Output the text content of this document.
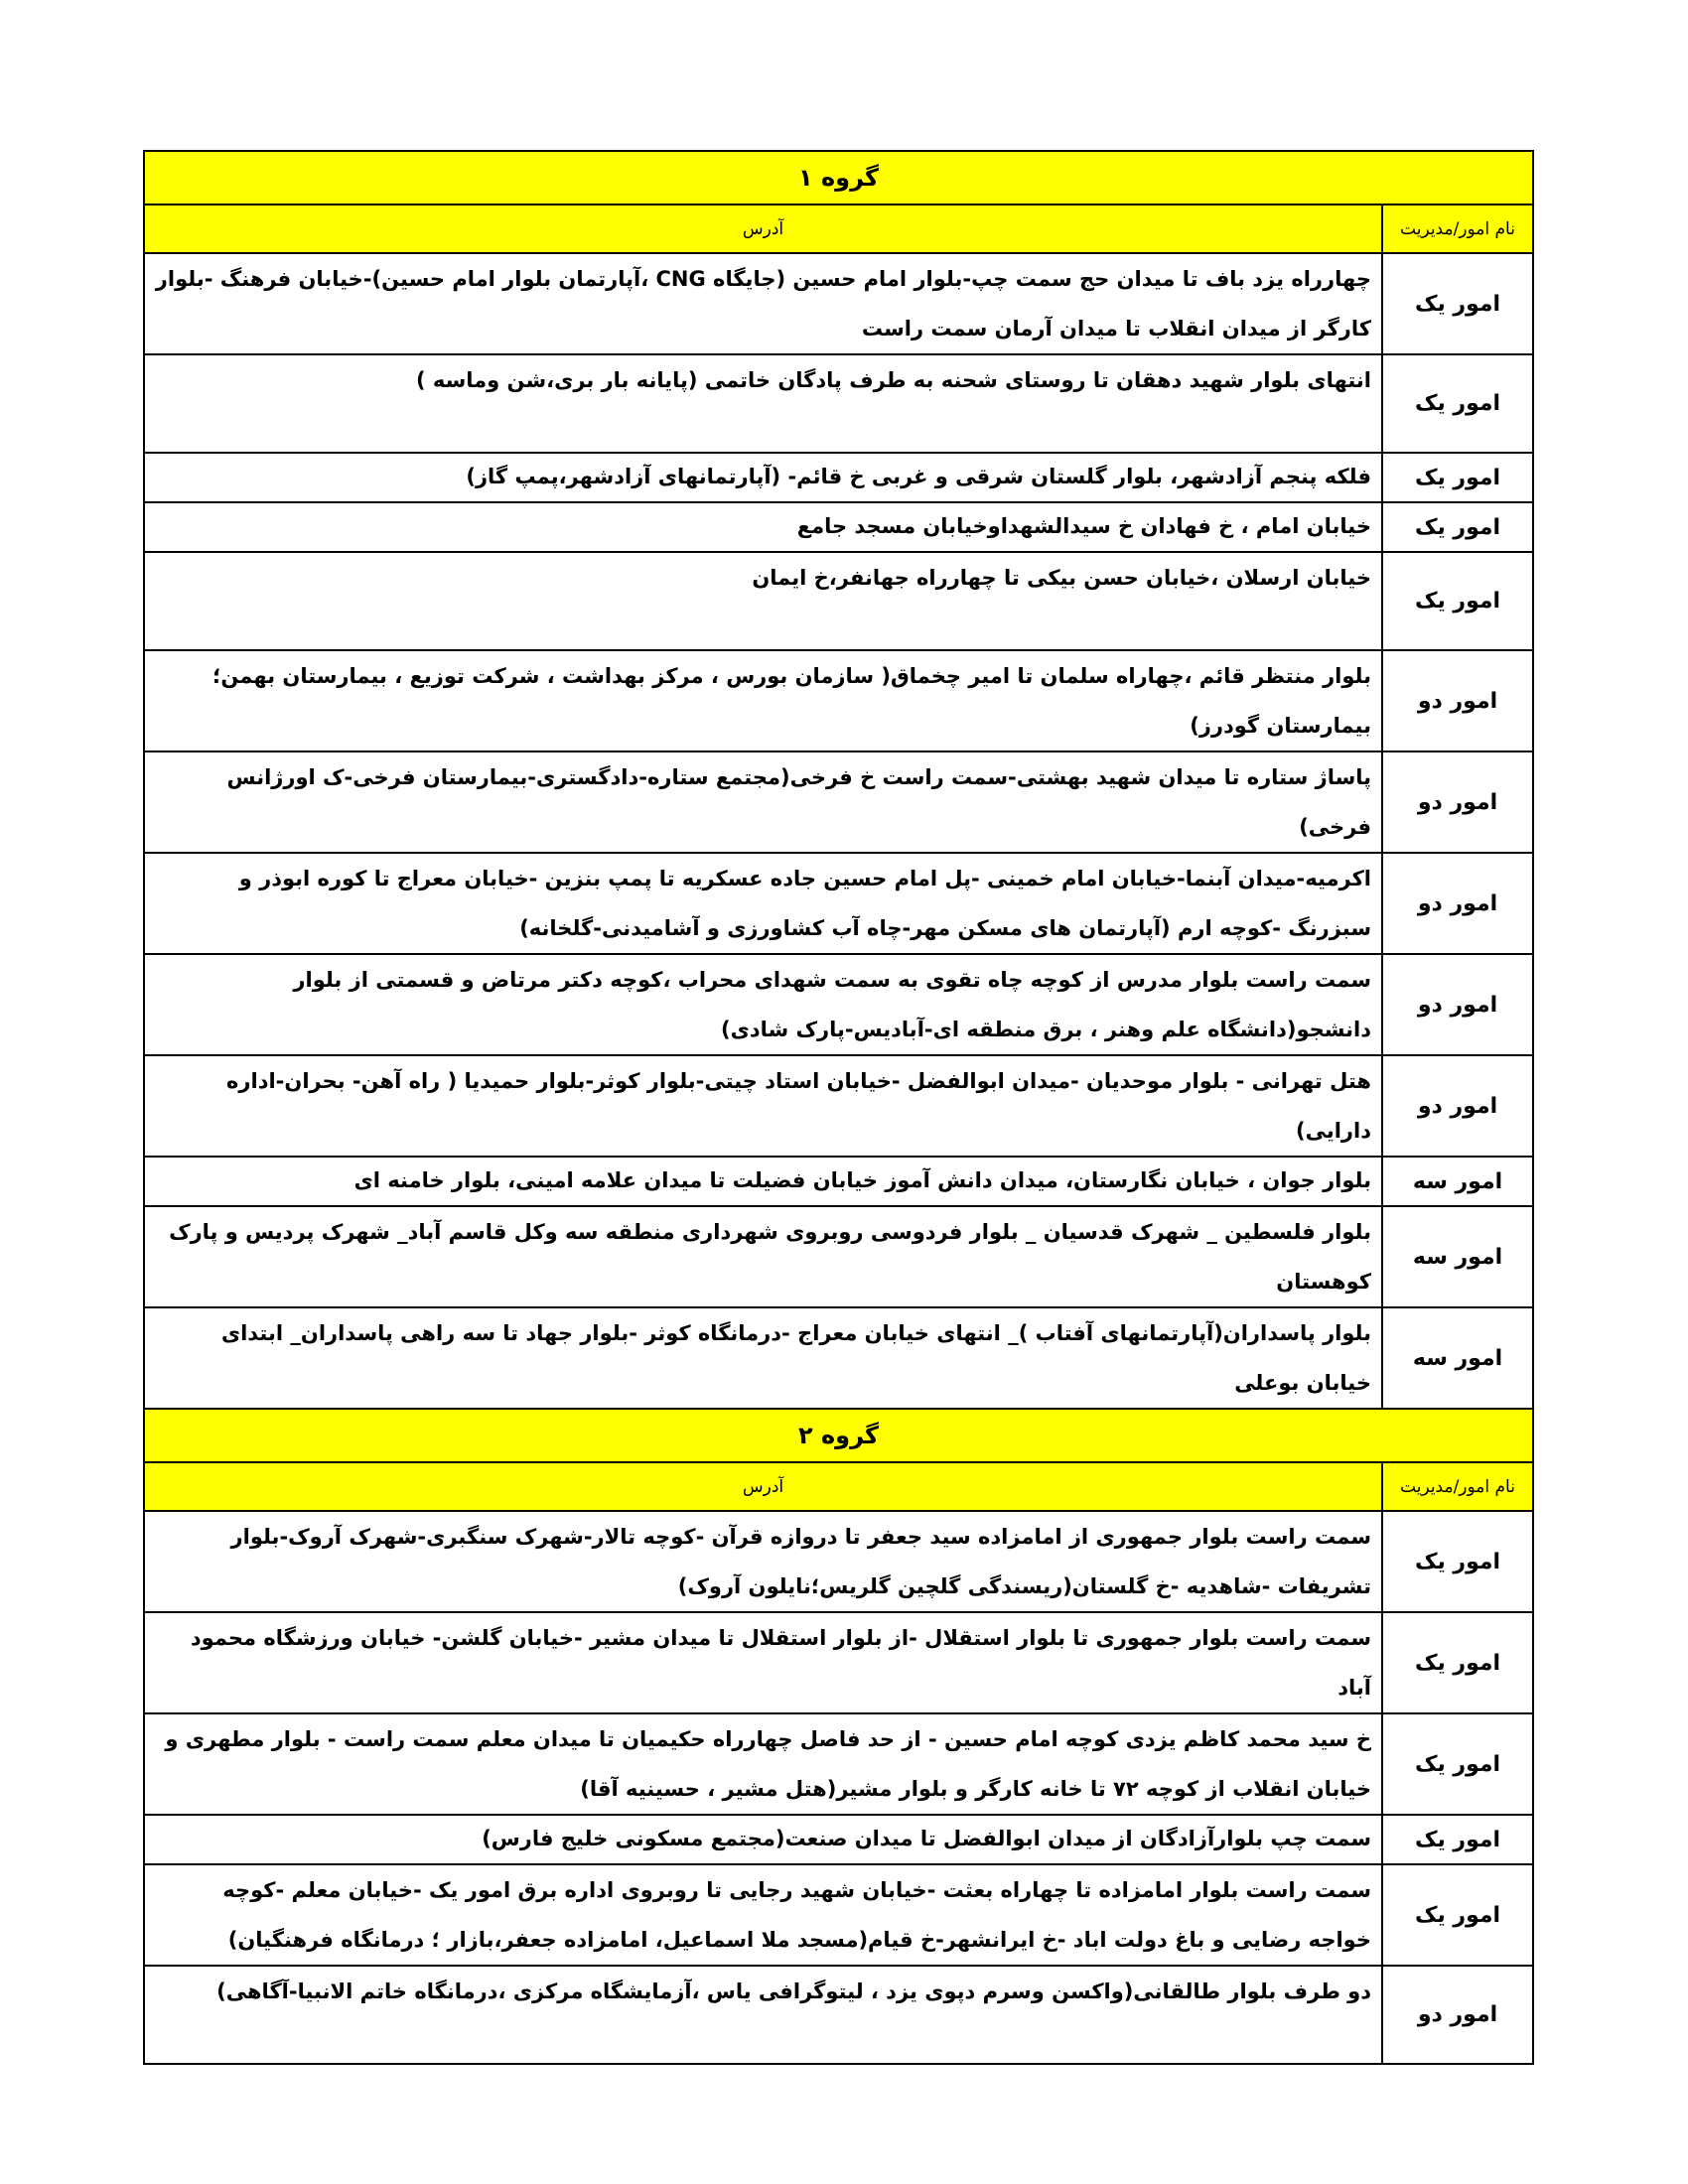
گروه ۱	
نام امور/مدیریت	آدرس
امور یک	چهارراه یزد باف تا میدان حج سمت چپ-بلوار امام حسین (جایگاه CNG ،آپارتمان بلوار امام حسین)-خیابان فرهنگ -بلوار کارگر از میدان انقلاب تا میدان آرمان سمت راست
امور یک	انتهای بلوار شهید دهقان تا روستای شحنه به طرف پادگان خاتمی (پایانه بار بری،شن وماسه )
امور یک	فلکه پنجم آزادشهر، بلوار گلستان شرقی و غربی خ قائم- (آپارتمانهای آزادشهر،پمپ گاز)
امور یک	خیابان امام ، خ فهادان خ سیدالشهداوخیابان مسجد جامع
امور یک	خیابان ارسلان ،خیابان حسن بیکی تا چهارراه جهانفر،خ ایمان
امور دو	بلوار منتظر قائم ،چهاراه سلمان تا امیر چخماق( سازمان بورس ، مرکز بهداشت ، شرکت توزیع ، بیمارستان بهمن؛ بیمارستان گودرز)
امور دو	پاساژ ستاره تا میدان شهید بهشتی-سمت راست خ فرخی(مجتمع ستاره-دادگستری-بیمارستان فرخی-ک اورژانس فرخی)
امور دو	اکرمیه-میدان آبنما-خیابان امام خمینی -پل امام حسین جاده عسکریه تا پمپ بنزین -خیابان معراج تا کوره ابوذر و سبزرنگ -کوچه ارم (آپارتمان های مسکن مهر-چاه آب کشاورزی و آشامیدنی-گلخانه)
امور دو	سمت راست بلوار مدرس از کوچه چاه تقوی به سمت شهدای محراب ،کوچه دکتر مرتاض و قسمتی از بلوار دانشجو(دانشگاه علم وهنر ، برق منطقه ای-آبادیس-پارک شادی)
امور دو	هتل تهرانی - بلوار موحدیان -میدان ابوالفضل -خیابان استاد چیتی-بلوار کوثر-بلوار حمیدیا ( راه آهن- بحران-اداره دارایی)
امور سه	بلوار جوان ، خیابان نگارستان، میدان دانش آموز خیابان فضیلت تا میدان علامه امینی، بلوار خامنه ای
امور سه	بلوار فلسطین _ شهرک قدسیان _ بلوار فردوسی روبروی شهرداری منطقه سه وکل قاسم آباد_ شهرک پردیس و پارک کوهستان
امور سه	بلوار پاسداران(آپارتمانهای آفتاب )_ انتهای خیابان معراج -درمانگاه کوثر -بلوار جهاد تا سه راهی پاسداران_ ابتدای خیابان بوعلی
گروه ۲	
نام امور/مدیریت	آدرس
امور یک	سمت راست بلوار جمهوری از امامزاده سید جعفر تا دروازه قرآن -کوچه تالار-شهرک سنگبری-شهرک آروک-بلوار تشریفات -شاهدیه -خ گلستان(ریسندگی گلچین گلریس؛نایلون آروک)
امور یک	سمت راست بلوار جمهوری تا بلوار استقلال -از بلوار استقلال تا میدان مشیر -خیابان گلشن- خیابان ورزشگاه محمود آباد
امور یک	خ سید محمد کاظم یزدی کوچه امام حسین - از حد فاصل چهارراه حکیمیان تا میدان معلم سمت راست - بلوار مطهری و خیابان انقلاب از کوچه ۷۲ تا خانه کارگر و بلوار مشیر(هتل مشیر ، حسینیه آقا)
امور یک	سمت چپ بلوارآزادگان از میدان ابوالفضل تا میدان صنعت(مجتمع مسکونی خلیج فارس)
امور یک	سمت راست بلوار امامزاده تا چهاراه بعثت -خیابان شهید رجایی تا روبروی اداره برق امور یک -خیابان معلم -کوچه خواجه رضایی و باغ دولت اباد -خ ایرانشهر-خ قیام(مسجد ملا اسماعیل، امامزاده جعفر،بازار ؛ درمانگاه فرهنگیان)
امور دو	دو طرف بلوار طالقانی(واکسن وسرم دپوی یزد ، لیتوگرافی یاس ،آزمایشگاه مرکزی ،درمانگاه خاتم الانبیا-آگاهی)
